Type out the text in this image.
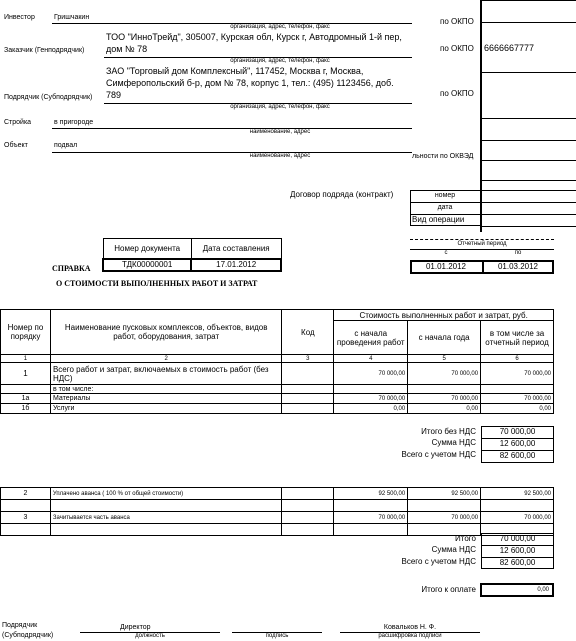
Инвестор	Гришчакин
организация, адрес, телефон, факс
по ОКПО
Заказчик (Генподрядчик)
ТОО "ИнноТрейд", 305007, Курская обл, Курск г, Автодромный 1-й пер,
дом № 78
организация, адрес, телефон, факс
по ОКПО 6666667777
ЗАО "Торговый дом Комплексный", 117452, Москва г, Москва,
Симферопольский б-р, дом № 78, корпус 1, тел.: (495) 1123456, доб.
Подрядчик (Субподрядчик) 789
организация, адрес, телефон, факс
по ОКПО
Стройка	в пригороде
наименование, адрес
Объект	подвал
наименование, адрес	льности по ОКВЭД
Договор подряда (контракт)	номер
дата
Вид операции
Номер документа	Дата составления
ТДК00000001	17.01.2012
Отчетный период
с	по
01.01.2012	01.03.2012
СПРАВКА
О СТОИМОСТИ ВЫПОЛНЕННЫХ РАБОТ И ЗАТРАТ
Номер по порядку	Наименование пусковых комплексов, объектов, видов работ, оборудования, затрат	Код	Стоимость выполненных работ и затрат, руб.		
			с начала проведения работ	с начала года	в том числе за отчетный период
1	2	3	4	5	6
1	Всего работ и затрат, включаемых в стоимость работ (без НДС)		70 000,00	70 000,00	70 000,00
	в том числе:				
1а	Материалы		70 000,00	70 000,00	70 000,00
1б	Услуги		0,00	0,00	0,00
Итого без НДС	70 000,00
Сумма НДС	12 600,00
Всего с учетом НДС	82 600,00
2	Уплачено аванса ( 100 % от общей стоимости)		92 500,00	92 500,00	92 500,00

3	Зачитывается часть аванса		70 000,00	70 000,00	70 000,00

Итого	70 000,00
Сумма НДС	12 600,00
Всего с учетом НДС	82 600,00
Итого к оплате	0,00
Подрядчик
(Субподрядчик)
Директор
должность	подпись
Ковальков Н. Ф.
расшифровка подписи
